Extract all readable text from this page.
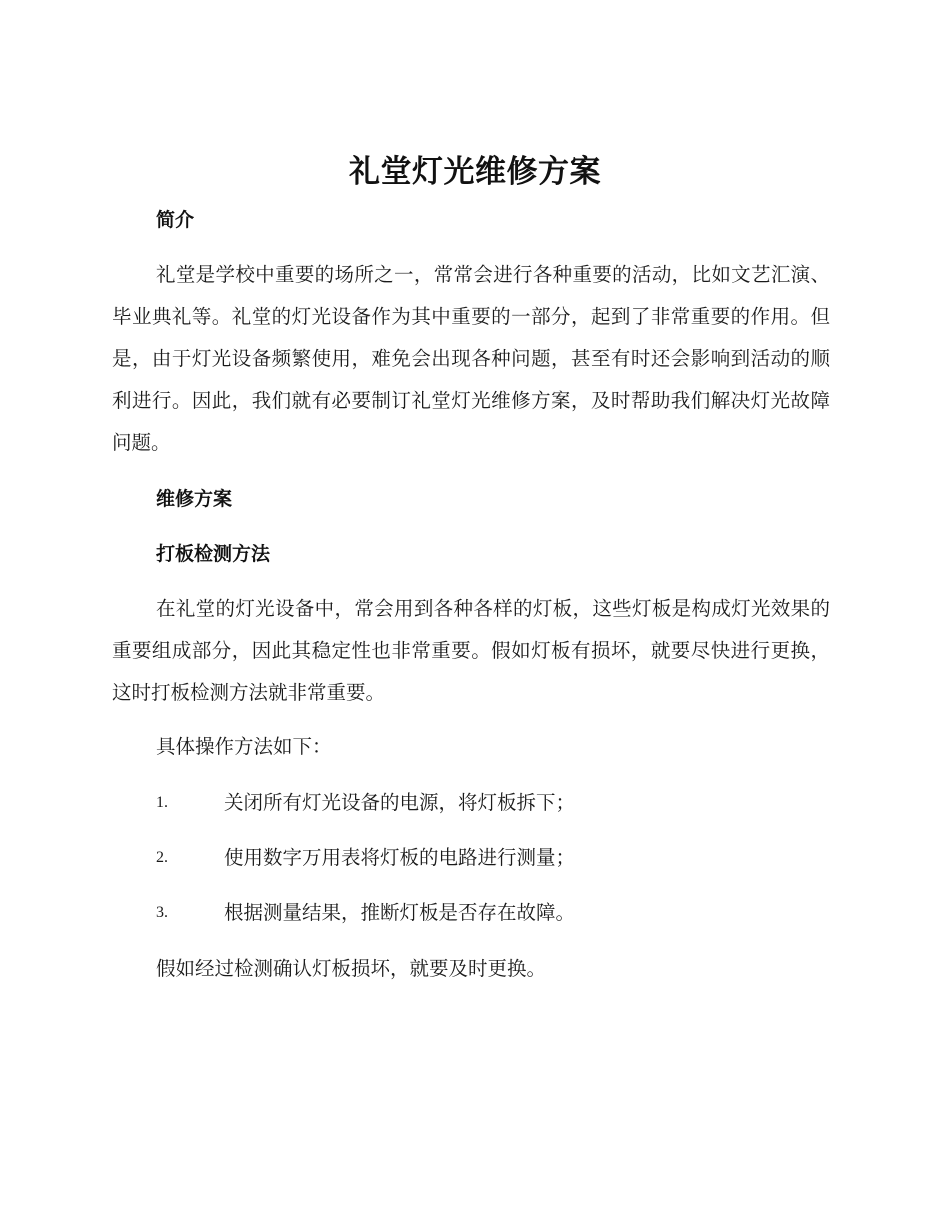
礼堂灯光维修方案
简介

礼堂是学校中重要的场所之一，常常会进行各种重要的活动，比如文艺汇演、毕业典礼等。礼堂的灯光设备作为其中重要的一部分，起到了非常重要的作用。但是，由于灯光设备频繁使用，难免会出现各种问题，甚至有时还会影响到活动的顺利进行。因此，我们就有必要制订礼堂灯光维修方案，及时帮助我们解决灯光故障问题。

维修方案
打板检测方法

在礼堂的灯光设备中，常会用到各种各样的灯板，这些灯板是构成灯光效果的重要组成部分，因此其稳定性也非常重要。假如灯板有损坏，就要尽快进行更换，这时打板检测方法就非常重要。

具体操作方法如下：
1.	关闭所有灯光设备的电源，将灯板拆下；
2.	使用数字万用表将灯板的电路进行测量；
3.	根据测量结果，推断灯板是否存在故障。
假如经过检测确认灯板损坏，就要及时更换。
